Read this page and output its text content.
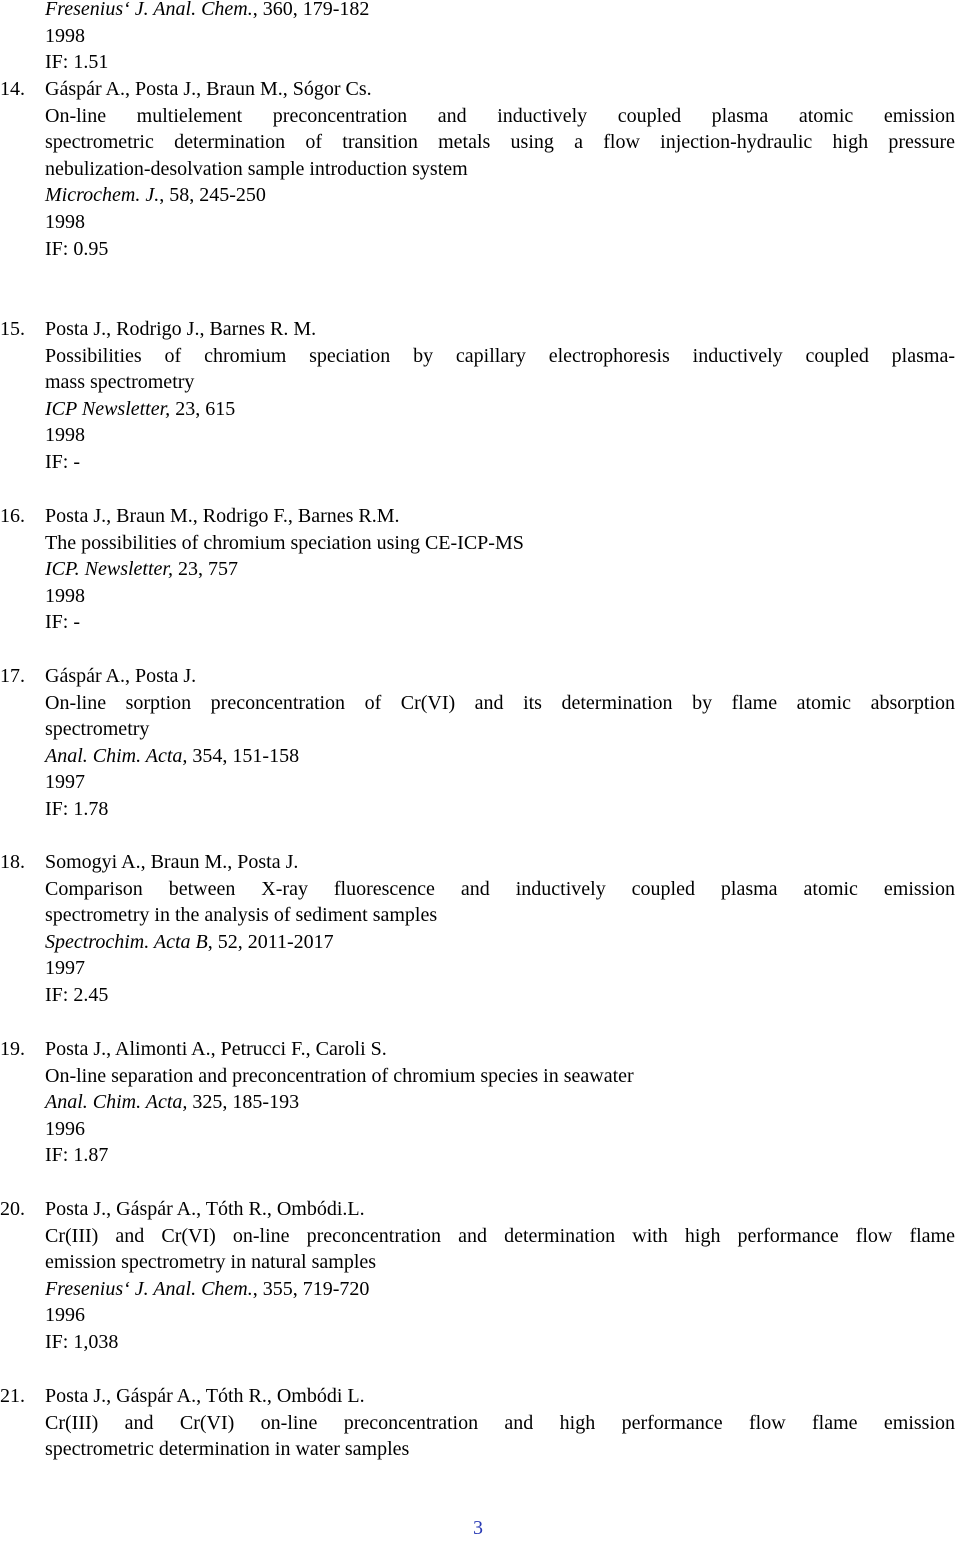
Fresenius‘ J. Anal. Chem., 360, 179-182
1998
IF: 1.51
14.	Gáspár A., Posta J., Braun M., Sógor Cs.
On-line multielement preconcentration and inductively coupled plasma atomic emission
spectrometric determination of transition metals using a flow injection-hydraulic high pressure
nebulization-desolvation sample introduction system
Microchem. J., 58, 245-250
1998
IF: 0.95
15.	Posta J., Rodrigo J., Barnes R. M.
Possibilities of chromium speciation by capillary electrophoresis inductively coupled plasma-
mass spectrometry
ICP Newsletter, 23, 615
1998
IF: -
16.	Posta J., Braun M., Rodrigo F., Barnes R.M.
The possibilities of chromium speciation using CE-ICP-MS
ICP. Newsletter, 23, 757
1998
IF: -
17.	Gáspár A., Posta J.
On-line sorption preconcentration of Cr(VI) and its determination by flame atomic absorption
spectrometry
Anal. Chim. Acta, 354, 151-158
1997
IF: 1.78
18.	Somogyi A., Braun M., Posta J.
Comparison between X-ray fluorescence and inductively coupled plasma atomic emission
spectrometry in the analysis of sediment samples
Spectrochim. Acta B, 52, 2011-2017
1997
IF: 2.45
19.	Posta J., Alimonti A., Petrucci F., Caroli S.
On-line separation and preconcentration of chromium species in seawater
Anal. Chim. Acta, 325, 185-193
1996
IF: 1.87
20.	Posta J., Gáspár A., Tóth R., Ombódi.L.
Cr(III) and Cr(VI) on-line preconcentration and determination with high performance flow flame
emission spectrometry in natural samples
Fresenius‘ J. Anal. Chem., 355, 719-720
1996
IF: 1,038
21.	Posta J., Gáspár A., Tóth R., Ombódi L.
Cr(III) and Cr(VI) on-line preconcentration and high performance flow flame emission
spectrometric determination in water samples
3
